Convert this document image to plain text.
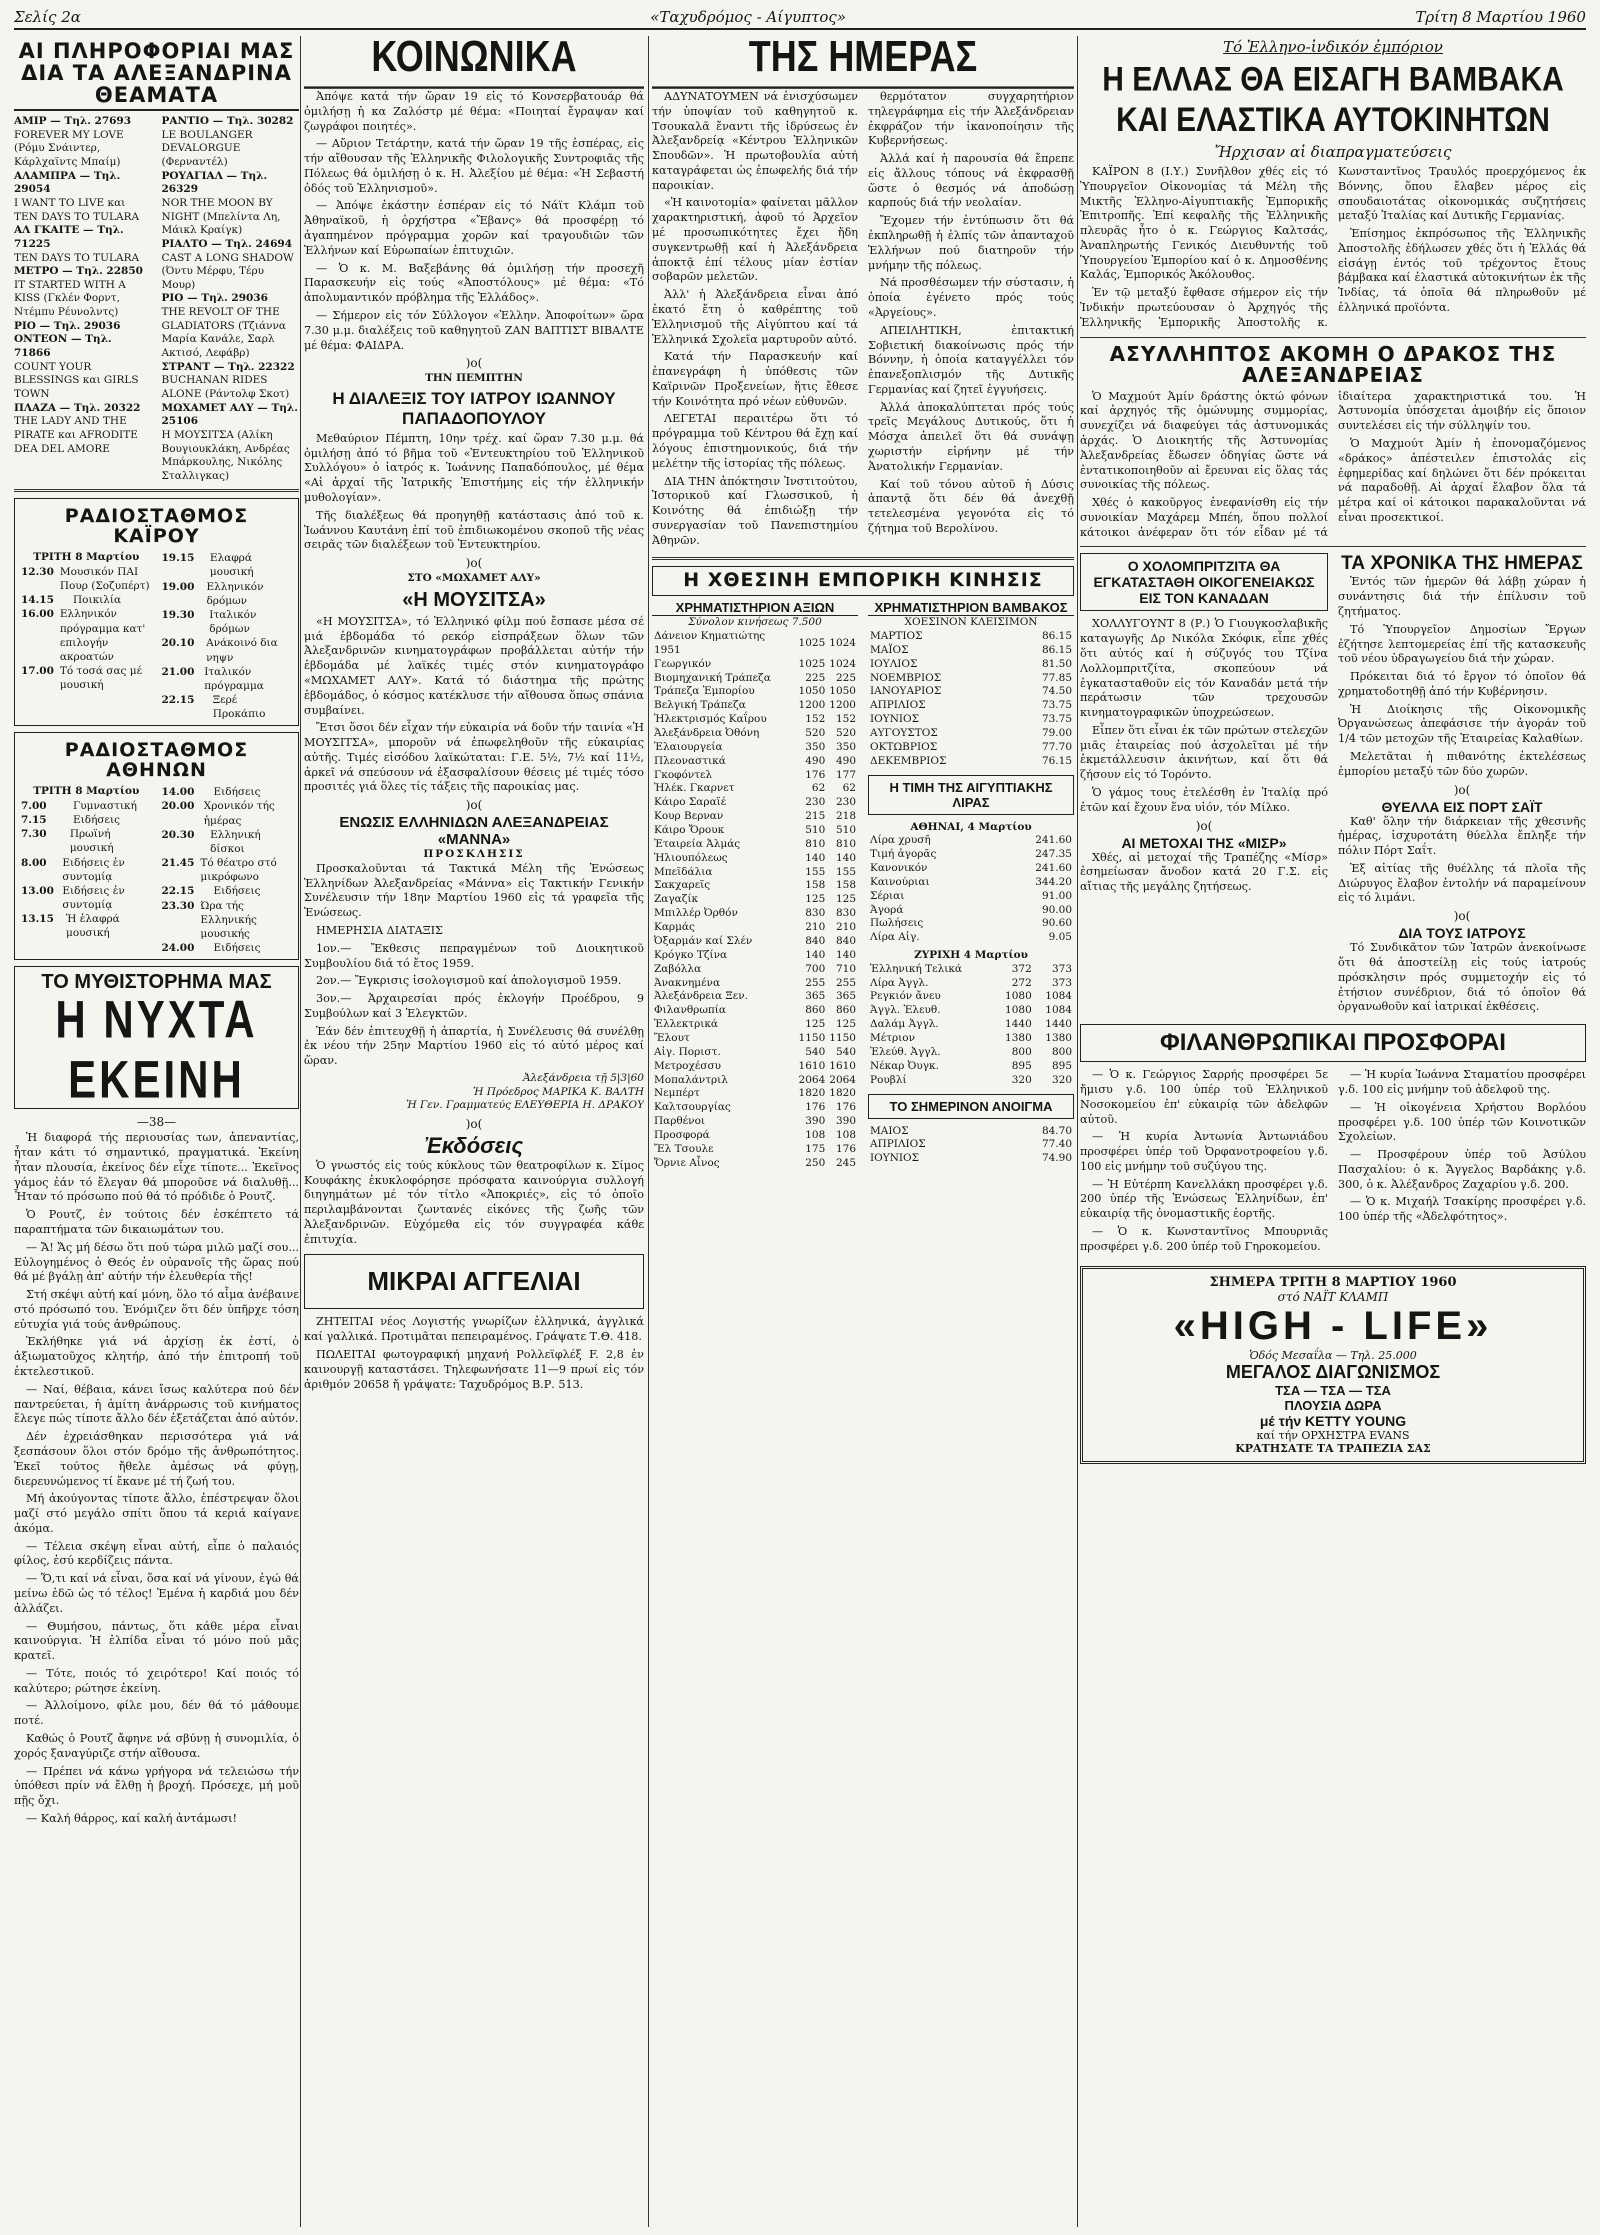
Σελίς 2α	«Ταχυδρόμος - Αίγυπτος»	Τρίτη 8 Μαρτίου 1960
ΑΙ ΠΛΗΡΟΦΟΡΙΑΙ ΜΑΣ ΔΙΑ ΤΑ ΑΛΕΞΑΝΔΡΙΝΑ ΘΕΑΜΑΤΑ
ΑΜΙΡ — Τηλ. 27693
FOREVER MY LOVE (Ρόμυ Σνάιντερ, Κάρλχαϊντς Μπαίμ)
ΑΛΑΜΠΡΑ — Τηλ. 29054
I WANT TO LIVE και TEN DAYS TO TULARA
ΑΛ ΓΚΑΙΤΕ — Τηλ. 71225
TEN DAYS TO TULARA
ΜΕΤΡΟ — Τηλ. 22850
IT STARTED WITH A KISS (Γκλέν Φορντ, Ντέμπυ Ρέυνολντς)
ΡΙΟ — Τηλ. 29036
ΟΝΤΕΟΝ — Τηλ. 71866
COUNT YOUR BLESSINGS και GIRLS TOWN
ΠΛΑΖΑ — Τηλ. 20322
THE LADY AND THE PIRATE και AFRODITE DEA DEL AMORE
ΡΑΝΤΙΟ — Τηλ. 30282
LE BOULANGER DEVALORGUE (Φερναντέλ)
ΡΟΥΑΓΙΑΛ — Τηλ. 26329
NOR THE MOON BY NIGHT (Μπελίντα Λη, Μάικλ Κραίγκ)
ΡΙΑΛΤΟ — Τηλ. 24694
CAST A LONG SHADOW (Όντυ Μέρφυ, Τέρυ Μουρ)
ΡΙΟ — Τηλ. 29036
THE REVOLT OF THE GLADIATORS (Τζιάννα Μαρία Κανάλε, Σαρλ Ακτισό, Λεφάβρ)
ΣΤΡΑΝΤ — Τηλ. 22322
BUCHANAN RIDES ALONE (Ράντολφ Σκοτ)
ΜΩΧΑΜΕΤ ΑΛΥ — Τηλ. 25106
Η ΜΟΥΣΙΤΣΑ (Αλίκη Βουγιουκλάκη, Ανδρέας Μπάρκουλης, Νικόλης Σταλλιγκας)
ΡΑΔΙΟΣΤΑΘΜΟΣ ΚΑΪΡΟΥ
ΤΡΙΤΗ 8 Μαρτίου
12.30 Μουσικόν ΠΑΙ Πουρ (Σοζυπέρτ)
14.15	Ποικιλία
16.00 Ελληνικόν πρόγραμμα κατ' επιλογήν ακροατών
17.00 Τό τοσά σας μέ μουσική
19.15	Ελαφρά μουσική
19.00	Ελληνικόν δρόμων
19.30	Ιταλικόν δρόμων
20.10	Ανάκοινό δια νηψν
21.00 Ιταλικόν πρόγραμμα
22.15	Ξερέ Προκάπιο
ΡΑΔΙΟΣΤΑΘΜΟΣ ΑΘΗΝΩΝ
ΤΡΙΤΗ 8 Μαρτίου
7.00	Γυμναστική
7.15	Ειδήσεις
7.30	Πρωϊνή μουσική
8.00	Ειδήσεις ἐν συντομίᾳ
13.00 Ειδήσεις ἐν συντομίᾳ
13.15	Ἡ ἐλαφρά μουσική
14.00	Ειδήσεις
20.00 Χρονικόν τής ἡμέρας
20.30	Ελληνική δίσκοι
21.45 Τό θέατρο στό μικρόφωνο
22.15	Ειδήσεις
23.30 Ώρα τής Ελληνικής μουσικής
24.00	Ειδήσεις
ΤΟ ΜΥΘΙΣΤΟΡΗΜΑ ΜΑΣ
Η ΝΥΧΤΑ ΕΚΕΙΝΗ
—38—

Ἡ διαφορά τής περιουσίας των, ἀπεναντίας, ἦταν κάτι τό σημαντικό, πραγματικά. Ἐκείνη ἦταν πλουσία, ἐκείνος δέν εἶχε τίποτε... Ἐκεῖνος γάμος ἐάν τό ἔλεγαν θά μποροῦσε νά διαλυθῇ... Ἦταν τό πρόσωπο πού θά τό πρόδιδε ὁ Ρουτζ.

Ὁ Ρουτζ, ἐν τούτοις δέν ἐσκέπτετο τά παραπτήματα τῶν δικαιωμάτων του.

— Ἄ! Ἄς μή δέσω ὅτι πού τώρα μιλῶ μαζί σου... Εὐλογημένος ὁ Θεός ἐν οὐρανοῖς τῆς ὥρας πού θά μέ βγάλῃ ἀπ' αὐτήν τήν ἐλευθερία τῆς!

Στή σκέψι αὐτή καί μόνη, ὅλο τό αἷμα ἀνέβαινε στό πρόσωπό του. Ἐνόμιζεν ὅτι δέν ὑπῆρχε τόση εὐτυχία γιά τούς ἀνθρώπους.

Ἐκλήθηκε γιά νά ἀρχίσῃ ἐκ ἐστί, ὁ ἀξιωματοῦχος κλητήρ, ἀπό τήν ἐπιτροπή τοῦ ἐκτελεστικοῦ.

— Ναί, θέβαια, κάνει ἴσως καλύτερα πού δέν παντρεύεται, ἡ ἀμίτη ἀνάρρωσις τοῦ κινήματος ἔλεγε πώς τίποτε ἄλλο δέν ἐξετάζεται ἀπό αὐτόν.

Δέν ἐχρειάσθηκαν περισσότερα γιά νά ξεσπάσουν ὅλοι στόν δρόμο τῆς ἀνθρωπότητος. Ἐκεῖ τούτος ἤθελε ἀμέσως νά φύγῃ, διερευνώμενος τί ἔκανε μέ τή ζωή του.

Μή ἀκούγοντας τίποτε ἄλλο, ἐπέστρεψαν ὅλοι μαζί στό μεγάλο σπίτι ὅπου τά κεριά καίγανε ἀκόμα.

— Τέλεια σκέψη εἶναι αὐτή, εἶπε ὁ παλαιός φίλος, ἐσύ κερδίζεις πάντα.

— Ὅ,τι καί νά εἶναι, ὅσα καί νά γίνουν, ἐγώ θά μείνω ἐδῶ ὡς τό τέλος! Ἐμένα ἡ καρδιά μου δέν ἀλλάζει.

— Θυμήσου, πάντως, ὅτι κάθε μέρα εἶναι καινούργια. Ἡ ἐλπίδα εἶναι τό μόνο πού μᾶς κρατεῖ.

— Τότε, ποιός τό χειρότερο! Καί ποιός τό καλύτερο; ρώτησε ἐκείνη.

— Ἀλλοίμονο, φίλε μου, δέν θά τό μάθουμε ποτέ.

Καθώς ὁ Ρουτζ ἄφηνε νά σβύνῃ ἡ συνομιλία, ὁ χορός ξαναγύριζε στήν αἴθουσα.

— Πρέπει νά κάνω γρήγορα νά τελειώσω τήν ὑπόθεσι πρίν νά ἔλθῃ ἡ βροχή. Πρόσεχε, μή μοῦ πῇς ὄχι.

— Καλή θάρρος, καί καλή ἀντάμωσι!

ΚΟΙΝΩΝΙΚΑ

Ἀπόψε κατά τήν ὥραν 19 εἰς τό Κονσερβατουάρ θά ὁμιλήσῃ ἡ κα Ζαλόστρ μέ θέμα: «Ποιηταί ἔγραψαν καί ζωγράφοι ποιητές».

— Αὔριον Τετάρτην, κατά τήν ὥραν 19 τῆς ἑσπέρας, εἰς τήν αἴθουσαν τῆς Ἑλληνικῆς Φιλολογικῆς Συντροφιᾶς τῆς Πόλεως θά ὁμιλήσῃ ὁ κ. Η. Ἀλεξίου μέ θέμα: «Ἡ Σεβαστή ὁδός τοῦ Ἑλληνισμοῦ».

— Ἀπόψε ἐκάστην ἑσπέραν εἰς τό Νάϊτ Κλάμπ τοῦ Ἀθηναϊκοῦ, ἡ ὁρχήστρα «Ἔβανς» θά προσφέρῃ τό ἀγαπημένον πρόγραμμα χορῶν καί τραγουδιῶν τῶν Ἑλλήνων καί Εὐρωπαίων ἐπιτυχιῶν.

— Ὁ κ. Μ. Βαξεβάνης θά ὁμιλήσῃ τήν προσεχῆ Παρασκευήν εἰς τούς «Ἀποστόλους» μέ θέμα: «Τό ἀπολυμαντικόν πρόβλημα τῆς Ἑλλάδος».

— Σήμερον εἰς τόν Σύλλογον «Ἑλλην. Ἀποφοίτων» ὥρα 7.30 μ.μ. διαλέξεις τοῦ καθηγητοῦ ΖΑΝ ΒΑΠΤΙΣΤ ΒΙΒΑΛΤΕ μέ θέμα: ΦΑΙΔΡΑ.

)o(
ΤΗΝ ΠΕΜΠΤΗΝ
Η ΔΙΑΛΕΞΙΣ ΤΟΥ ΙΑΤΡΟΥ ΙΩΑΝΝΟΥ ΠΑΠΑΔΟΠΟΥΛΟΥ

Μεθαύριον Πέμπτη, 10ην τρέχ. καί ὥραν 7.30 μ.μ. θά ὁμιλήσῃ ἀπό τό βῆμα τοῦ «Ἐντευκτηρίου τοῦ Ἑλληνικοῦ Συλλόγου» ὁ ἰατρός κ. Ἰωάννης Παπαδόπουλος, μέ θέμα «Αἱ ἀρχαί τῆς Ἰατρικῆς Ἐπιστήμης εἰς τήν ἑλληνικήν μυθολογίαν».

Τῆς διαλέξεως θά προηγηθῇ κατάστασις ἀπό τοῦ κ. Ἰωάννου Καυτάνη ἐπί τοῦ ἐπιδιωκομένου σκοποῦ τῆς νέας σειρᾶς τῶν διαλέξεων τοῦ Ἐντευκτηρίου.

)o(
ΣΤΟ «ΜΩΧΑΜΕΤ ΑΛΥ»
«Η ΜΟΥΣΙΤΣΑ»

«Η ΜΟΥΣΙΤΣΑ», τό Ἑλληνικό φίλμ πού ἔσπασε μέσα σέ μιά ἑβδομάδα τό ρεκόρ εἰσπράξεων ὅλων τῶν Ἀλεξανδρινῶν κινηματογράφων προβάλλεται αὐτήν τήν ἑβδομάδα μέ λαϊκές τιμές στόν κινηματογράφο «ΜΩΧΑΜΕΤ ΑΛΥ». Κατά τό διάστημα τῆς πρώτης ἑβδομάδος, ὁ κόσμος κατέκλυσε τήν αἴθουσα ὅπως σπάνια συμβαίνει.

Ἔτσι ὅσοι δέν εἶχαν τήν εὐκαιρία νά δοῦν τήν ταινία «Ἡ ΜΟΥΣΙΤΣΑ», μποροῦν νά ἐπωφεληθοῦν τῆς εὐκαιρίας αὐτῆς. Τιμές εἰσόδου λαϊκώταται: Γ.Ε. 5½, 7½ καί 11½, ἀρκεῖ νά σπεύσουν νά ἐξασφαλίσουν θέσεις μέ τιμές τόσο προσιτές γιά ὅλες τίς τάξεις τῆς παροικίας μας.

)o(
ΕΝΩΣΙΣ ΕΛΛΗΝΙΔΩΝ ΑΛΕΞΑΝΔΡΕΙΑΣ «ΜΑΝΝΑ»
ΠΡΟΣΚΛΗΣΙΣ

Προσκαλοῦνται τά Τακτικά Μέλη τῆς Ἑνώσεως Ἑλληνίδων Ἀλεξανδρείας «Μάννα» εἰς Τακτικήν Γενικήν Συνέλευσιν τήν 18ην Μαρτίου 1960 εἰς τά γραφεῖα τῆς Ἑνώσεως.

ΗΜΕΡΗΣΙΑ ΔΙΑΤΑΞΙΣ

1ον.— Ἔκθεσις πεπραγμένων τοῦ Διοικητικοῦ Συμβουλίου διά τό ἔτος 1959.

2ον.— Ἔγκρισις ἰσολογισμοῦ καί ἀπολογισμοῦ 1959.

3ον.— Ἀρχαιρεσίαι πρός ἐκλογήν Προέδρου, 9 Συμβούλων καί 3 Ἐλεγκτῶν.

Ἐάν δέν ἐπιτευχθῇ ἡ ἀπαρτία, ἡ Συνέλευσις θά συνέλθῃ ἐκ νέου τήν 25ην Μαρτίου 1960 εἰς τό αὐτό μέρος καί ὥραν.

Ἀλεξάνδρεια τῇ 5|3|60
Ἡ Πρόεδρος ΜΑΡΙΚΑ Κ. ΒΑΛΤΗ
Ἡ Γεν. Γραμματεύς ΕΛΕΥΘΕΡΙΑ Η. ΔΡΑΚΟΥ
)o(
Ἐκδόσεις

Ὁ γνωστός εἰς τούς κύκλους τῶν θεατροφίλων κ. Σίμος Κουφάκης ἐκυκλοφόρησε πρόσφατα καινούργια συλλογή διηγημάτων μέ τόν τίτλο «Ἀποκριές», εἰς τό ὁποῖο περιλαμβάνονται ζωντανές εἰκόνες τῆς ζωῆς τῶν Ἀλεξανδρινῶν. Εὐχόμεθα εἰς τόν συγγραφέα κάθε ἐπιτυχία.

ΜΙΚΡΑΙ ΑΓΓΕΛΙΑΙ

ΖΗΤΕΙΤΑΙ νέος Λογιστής γνωρίζων ἑλληνικά, ἀγγλικά καί γαλλικά. Προτιμᾶται πεπειραμένος. Γράψατε Τ.Θ. 418.

ΠΩΛΕΙΤΑΙ φωτογραφική μηχανή Ρολλεϊφλέξ F. 2,8 ἐν καινουργῇ καταστάσει. Τηλεφωνήσατε 11—9 πρωί εἰς τόν ἀριθμόν 20658 ἤ γράψατε: Ταχυδρόμος Β.Ρ. 513.

ΤΗΣ ΗΜΕΡΑΣ

ΑΔΥΝΑΤΟΥΜΕΝ νά ἐνισχύσωμεν τήν ὑποψίαν τοῦ καθηγητοῦ κ. Τσουκαλᾶ ἔναντι τῆς ἱδρύσεως ἐν Ἀλεξανδρείᾳ «Κέντρου Ἑλληνικῶν Σπουδῶν». Ἡ πρωτοβουλία αὐτή καταγράφεται ὡς ἐπωφελής διά τήν παροικίαν.

«Ἡ καινοτομία» φαίνεται μᾶλλον χαρακτηριστική, ἀφοῦ τό Ἀρχεῖον μέ προσωπικότητες ἔχει ἤδη συγκεντρωθῇ καί ἡ Ἀλεξάνδρεια ἀποκτᾷ ἐπί τέλους μίαν ἑστίαν σοβαρῶν μελετῶν.

Ἀλλ' ἡ Ἀλεξάνδρεια εἶναι ἀπό ἑκατό ἔτη ὁ καθρέπτης τοῦ Ἑλληνισμοῦ τῆς Αἰγύπτου καί τά Ἑλληνικά Σχολεῖα μαρτυροῦν αὐτό.

Κατά τήν Παρασκευήν καί ἐπανεγράφη ἡ ὑπόθεσις τῶν Καϊρινῶν Προξενείων, ἥτις ἔθεσε τήν Κοινότητα πρό νέων εὐθυνῶν.

ΛΕΓΕΤΑΙ περαιτέρω ὅτι τό πρόγραμμα τοῦ Κέντρου θά ἔχῃ καί λόγους ἐπιστημονικούς, διά τήν μελέτην τῆς ἱστορίας τῆς πόλεως.

ΔΙΑ ΤΗΝ ἀπόκτησιν Ἰνστιτούτου, Ἱστορικοῦ καί Γλωσσικοῦ, ἡ Κοινότης θά ἐπιδιώξῃ τήν συνεργασίαν τοῦ Πανεπιστημίου Ἀθηνῶν.

θερμότατον συγχαρητήριον τηλεγράφημα εἰς τήν Ἀλεξάνδρειαν ἐκφράζον τήν ἱκανοποίησιν τῆς Κυβερνήσεως.

Ἀλλά καί ἡ παρουσία θά ἔπρεπε εἰς ἄλλους τόπους νά ἐκφρασθῇ ὥστε ὁ θεσμός νά ἀποδώσῃ καρπούς διά τήν νεολαίαν.

Ἔχομεν τήν ἐντύπωσιν ὅτι θά ἐκπληρωθῇ ἡ ἐλπίς τῶν ἀπανταχοῦ Ἑλλήνων πού διατηροῦν τήν μνήμην τῆς πόλεως.

Νά προσθέσωμεν τήν σύστασιν, ἡ ὁποία ἐγένετο πρός τούς «Ἀργείους».

ΑΠΕΙΛΗΤΙΚΗ, ἐπιτακτική Σοβιετική διακοίνωσις πρός τήν Βόννην, ἡ ὁποία καταγγέλλει τόν ἐπανεξοπλισμόν τῆς Δυτικῆς Γερμανίας καί ζητεῖ ἐγγυήσεις.

Ἀλλά ἀποκαλύπτεται πρός τούς τρεῖς Μεγάλους Δυτικούς, ὅτι ἡ Μόσχα ἀπειλεῖ ὅτι θά συνάψῃ χωριστήν εἰρήνην μέ τήν Ἀνατολικήν Γερμανίαν.

Καί τοῦ τόνου αὐτοῦ ἡ Δύσις ἀπαντᾷ ὅτι δέν θά ἀνεχθῇ τετελεσμένα γεγονότα εἰς τό ζήτημα τοῦ Βερολίνου.

Η ΧΘΕΣΙΝΗ ΕΜΠΟΡΙΚΗ ΚΙΝΗΣΙΣ
ΧΡΗΜΑΤΙΣΤΗΡΙΟΝ ΑΞΙΩΝ
Σύνολον κινήσεως 7.500
Δάνειον Κηματιώτης 1951	1025	1024
Γεωργικόν	1025	1024
Βιομηχανική Τράπεζα	225	225
Τράπεζα Ἐμπορίου	1050	1050
Βελγική Τράπεζα	1200	1200
Ἠλεκτρισμός Καΐρου	152	152
Ἀλεξάνδρεια Ὀθόνη	520	520
Ἐλαιουργεία	350	350
Πλεοναστικά	490	490
Γκοφόντελ	176	177
Ἡλέκ. Γκαρνετ	62	62
Κάιρο Σαραϊέ	230	230
Κουρ Βερναν	215	218
Κάιρο Ὄρουκ	510	510
Ἐταιρεία Ἀλμάς	810	810
Ἡλιουπόλεως	140	140
Μπεϊδάλια	155	155
Σακχαρεῖς	158	158
Ζαγαζίκ	125	125
Μπιλλέρ Ὀρθόν	830	830
Καρμάς	210	210
Ὀξαρμάν καί Σλέν	840	840
Κρόγκο Τζίνα	140	140
Ζαβόλλα	700	710
Ἀνακνημένα	255	255
Ἀλεξάνδρεια Ξεν.	365	365
Φιλανθρωπία	860	860
Ἐλλεκτρικά	125	125
Ἔλουτ	1150	1150
Αἰγ. Ποριστ.	540	540
Μετροχέσσυ	1610	1610
Μοπαλάντριλ	2064	2064
Νεμπέρτ	1820	1820
Καλτσουργίας	176	176
Παρθένοι	390	390
Προσφορά	108	108
Ἔλ Τσουλε	175	176
Ὄρνιε Αἶνος	250	245
ΧΡΗΜΑΤΙΣΤΗΡΙΟΝ ΒΑΜΒΑΚΟΣ
ΧΟΕΣΙΝΟΝ ΚΛΕΙΣΙΜΟΝ
ΜΑΡΤΙΟΣ	86.15
ΜΑΪΟΣ	86.15
ΙΟΥΛΙΟΣ	81.50
ΝΟΕΜΒΡΙΟΣ	77.85
ΙΑΝΟΥΑΡΙΟΣ	74.50
ΑΠΡΙΛΙΟΣ	73.75
ΙΟΥΝΙΟΣ	73.75
ΑΥΓΟΥΣΤΟΣ	79.00
ΟΚΤΩΒΡΙΟΣ	77.70
ΔΕΚΕΜΒΡΙΟΣ	76.15
Η ΤΙΜΗ ΤΗΣ ΑΙΓΥΠΤΙΑΚΗΣ ΛΙΡΑΣ
ΑΘΗΝΑΙ, 4 Μαρτίου
Λίρα χρυσῆ	241.60
Τιμή ἀγορᾶς	247.35
Κανονικόν	241.60
Καινούριαι	344.20
Σέριαι	91.00
Ἀγορά	90.00
Πωλήσεις	90.60
Λίρα Αἰγ.	9.05
ΖΥΡΙΧΗ 4 Μαρτίου
Ἑλληνική Τελικά	372	373
Λίρα Ἀγγλ.	272	373
Ρεγκιόν ἄνευ	1080	1084
Ἀγγλ. Ἐλευθ.	1080	1084
Δαλάμ Ἀγγλ.	1440	1440
Μέτριον	1380	1380
Ἐλεύθ. Ἀγγλ.	800	800
Νέκαρ Ὀυγκ.	895	895
Ρουβλί	320	320
ΤΟ ΣΗΜΕΡΙΝΟΝ ΑΝΟΙΓΜΑ
ΜΑΙΟΣ	84.70
ΑΠΡΙΛΙΟΣ	77.40
ΙΟΥΝΙΟΣ	74.90
Τό Ἑλληνο-ἰνδικόν ἐμπόριον
Η ΕΛΛΑΣ ΘΑ ΕΙΣΑΓΗ ΒΑΜΒΑΚΑ ΚΑΙ ΕΛΑΣΤΙΚΑ ΑΥΤΟΚΙΝΗΤΩΝ
Ἤρχισαν αἱ διαπραγματεύσεις

ΚΑΪΡΟΝ 8 (Ι.Υ.) Συνῆλθον χθές εἰς τό Ὑπουργεῖον Οἰκονομίας τά Μέλη τῆς Μικτῆς Ἑλληνο-Αἰγυπτιακῆς Ἐμπορικῆς Ἐπιτροπῆς. Ἐπί κεφαλῆς τῆς Ἑλληνικῆς πλευρᾶς ἦτο ὁ κ. Γεώργιος Καλτσάς, Ἀναπληρωτής Γενικός Διευθυντής τοῦ Ὑπουργείου Ἐμπορίου καί ὁ κ. Δημοσθένης Καλάς, Ἐμπορικός Ἀκόλουθος.

Ἐν τῷ μεταξύ ἔφθασε σήμερον εἰς τήν Ἰνδικήν πρωτεύουσαν ὁ Ἀρχηγός τῆς Ἑλληνικῆς Ἐμπορικῆς Ἀποστολῆς κ. Κωνσταντῖνος Τραυλός προερχόμενος ἐκ Βόννης, ὅπου ἔλαβεν μέρος εἰς σπουδαιοτάτας οἰκονομικάς συζητήσεις μεταξύ Ἰταλίας καί Δυτικῆς Γερμανίας.

Ἐπίσημος ἐκπρόσωπος τῆς Ἑλληνικῆς Ἀποστολῆς ἐδήλωσεν χθές ὅτι ἡ Ἑλλάς θά εἰσάγῃ ἐντός τοῦ τρέχοντος ἔτους βάμβακα καί ἐλαστικά αὐτοκινήτων ἐκ τῆς Ἰνδίας, τά ὁποῖα θά πληρωθοῦν μέ ἑλληνικά προϊόντα.

ΑΣΥΛΛΗΠΤΟΣ ΑΚΟΜΗ Ο ΔΡΑΚΟΣ ΤΗΣ ΑΛΕΞΑΝΔΡΕΙΑΣ

Ὁ Μαχμούτ Ἀμίν δράστης ὀκτώ φόνων καί ἀρχηγός τῆς ὁμώνυμης συμμορίας, συνεχίζει νά διαφεύγει τάς ἀστυνομικάς ἀρχάς. Ὁ Διοικητής τῆς Ἀστυνομίας Ἀλεξανδρείας ἔδωσεν ὁδηγίας ὥστε νά ἐντατικοποιηθοῦν αἱ ἔρευναι εἰς ὅλας τάς συνοικίας τῆς πόλεως.

Χθές ὁ κακοῦργος ἐνεφανίσθη εἰς τήν συνοικίαν Μαχάρεμ Μπέη, ὅπου πολλοί κάτοικοι ἀνέφεραν ὅτι τόν εἶδαν μέ τά ἰδιαίτερα χαρακτηριστικά του. Ἡ Ἀστυνομία ὑπόσχεται ἀμοιβήν εἰς ὅποιον συντελέσει εἰς τήν σύλληψίν του.

Ὁ Μαχμούτ Ἀμίν ἡ ἐπονομαζόμενος «δράκος» ἀπέστειλεν ἐπιστολάς εἰς ἐφημερίδας καί δηλώνει ὅτι δέν πρόκειται νά παραδοθῇ. Αἱ ἀρχαί ἔλαβον ὅλα τά μέτρα καί οἱ κάτοικοι παρακαλοῦνται νά εἶναι προσεκτικοί.

Ο ΧΟΛΟΜΠΡΙΤΖΙΤΑ ΘΑ ΕΓΚΑΤΑΣΤΑΘΗ ΟΙΚΟΓΕΝΕΙΑΚΩΣ ΕΙΣ ΤΟΝ ΚΑΝΑΔΑΝ

ΧΟΛΛΥΓΟΥΝΤ 8 (Ρ.) Ὁ Γιουγκοσλαβικῆς καταγωγῆς Δρ Νικόλα Σκόφικ, εἶπε χθές ὅτι αὐτός καί ἡ σύζυγός του Τζίνα Λολλομπριτζίτα, σκοπεύουν νά ἐγκατασταθοῦν εἰς τόν Καναδάν μετά τήν περάτωσιν τῶν τρεχουσῶν κινηματογραφικῶν ὑποχρεώσεων.

Εἶπεν ὅτι εἶναι ἐκ τῶν πρώτων στελεχῶν μιᾶς ἑταιρείας πού ἀσχολεῖται μέ τήν ἐκμετάλλευσιν ἀκινήτων, καί ὅτι θά ζήσουν εἰς τό Τορόντο.

Ὁ γάμος τους ἐτελέσθη ἐν Ἰταλίᾳ πρό ἐτῶν καί ἔχουν ἕνα υἱόν, τόν Μίλκο.

)o(
ΑΙ ΜΕΤΟΧΑΙ ΤΗΣ «ΜΙΣΡ»

Χθές, αἱ μετοχαί τῆς Τραπέζης «Μίσρ» ἐσημείωσαν ἄνοδον κατά 20 Γ.Σ. εἰς αἴτιας τῆς μεγάλης ζητήσεως.

ΤΑ ΧΡΟΝΙΚΑ ΤΗΣ ΗΜΕΡΑΣ

Ἐντός τῶν ἡμερῶν θά λάβῃ χώραν ἡ συνάντησις διά τήν ἐπίλυσιν τοῦ ζητήματος.

Τό Ὑπουργεῖον Δημοσίων Ἔργων ἐζήτησε λεπτομερείας ἐπί τῆς κατασκευῆς τοῦ νέου ὑδραγωγείου διά τήν χώραν.

Πρόκειται διά τό ἔργον τό ὁποῖον θά χρηματοδοτηθῇ ἀπό τήν Κυβέρνησιν.

Ἡ Διοίκησις τῆς Οἰκονομικῆς Ὀργανώσεως ἀπεφάσισε τήν ἀγοράν τοῦ 1/4 τῶν μετοχῶν τῆς Ἑταιρείας Καλαθίων.

Μελετᾶται ἡ πιθανότης ἐκτελέσεως ἐμπορίου μεταξύ τῶν δύο χωρῶν.

)o(
ΘΥΕΛΛΑ ΕΙΣ ΠΟΡΤ ΣΑΪΤ

Καθ' ὅλην τήν διάρκειαν τῆς χθεσινῆς ἡμέρας, ἰσχυροτάτη θύελλα ἔπληξε τήν πόλιν Πόρτ Σαΐτ.

Ἐξ αἰτίας τῆς θυέλλης τά πλοῖα τῆς Διώρυγος ἔλαβον ἐντολήν νά παραμείνουν εἰς τό λιμάνι.

)o(
ΔΙΑ ΤΟΥΣ ΙΑΤΡΟΥΣ

Τό Συνδικᾶτον τῶν Ἰατρῶν ἀνεκοίνωσε ὅτι θά ἀποστείλῃ εἰς τούς ἰατρούς πρόσκλησιν πρός συμμετοχήν εἰς τό ἐτήσιον συνέδριον, διά τό ὁποῖον θά ὀργανωθοῦν καί ἰατρικαί ἐκθέσεις.

ΦΙΛΑΝΘΡΩΠΙΚΑΙ ΠΡΟΣΦΟΡΑΙ

— Ὁ κ. Γεώργιος Σαρρής προσφέρει 5ε ἤμισυ γ.δ. 100 ὑπέρ τοῦ Ἑλληνικοῦ Νοσοκομείου ἐπ' εὐκαιρίᾳ τῶν ἀδελφῶν αὐτοῦ.

— Ἡ κυρία Ἀντωνία Ἀντωνιάδου προσφέρει ὑπέρ τοῦ Ὀρφανοτροφείου γ.δ. 100 εἰς μνήμην τοῦ συζύγου της.

— Ἡ Εὐτέρπη Κανελλάκη προσφέρει γ.δ. 200 ὑπέρ τῆς Ἑνώσεως Ἑλληνίδων, ἐπ' εὐκαιρίᾳ τῆς ὀνομαστικῆς ἑορτῆς.

— Ὁ κ. Κωνσταντῖνος Μπουρνιᾶς προσφέρει γ.δ. 200 ὑπέρ τοῦ Γηροκομείου.

— Ἡ κυρία Ἰωάννα Σταματίου προσφέρει γ.δ. 100 εἰς μνήμην τοῦ ἀδελφοῦ της.

— Ἡ οἰκογένεια Χρήστου Βορλόου προσφέρει γ.δ. 100 ὑπέρ τῶν Κοινοτικῶν Σχολείων.

— Προσφέρουν ὑπέρ τοῦ Ἀσύλου Πασχαλίου: ὁ κ. Ἄγγελος Βαρδάκης γ.δ. 300, ὁ κ. Ἀλέξανδρος Ζαχαρίου γ.δ. 200.

— Ὁ κ. Μιχαήλ Τσακίρης προσφέρει γ.δ. 100 ὑπέρ τῆς «Ἀδελφότητος».

ΣΗΜΕΡΑ ΤΡΙΤΗ 8 ΜΑΡΤΙΟΥ 1960
στό ΝΑΪΤ ΚΛΑΜΠ
«HIGH - LIFE»
Ὁδός Μεσαΐλα — Τηλ. 25.000
ΜΕΓΑΛΟΣ ΔΙΑΓΩΝΙΣΜΟΣ
ΤΣΑ — ΤΣΑ — ΤΣΑ
ΠΛΟΥΣΙΑ ΔΩΡΑ
μέ τήν ΚΕΤΤΥ YOUNG
καί τήν ΟΡΧΗΣΤΡΑ EVANS
ΚΡΑΤΗΣΑΤΕ ΤΑ ΤΡΑΠΕΖΙΑ ΣΑΣ
